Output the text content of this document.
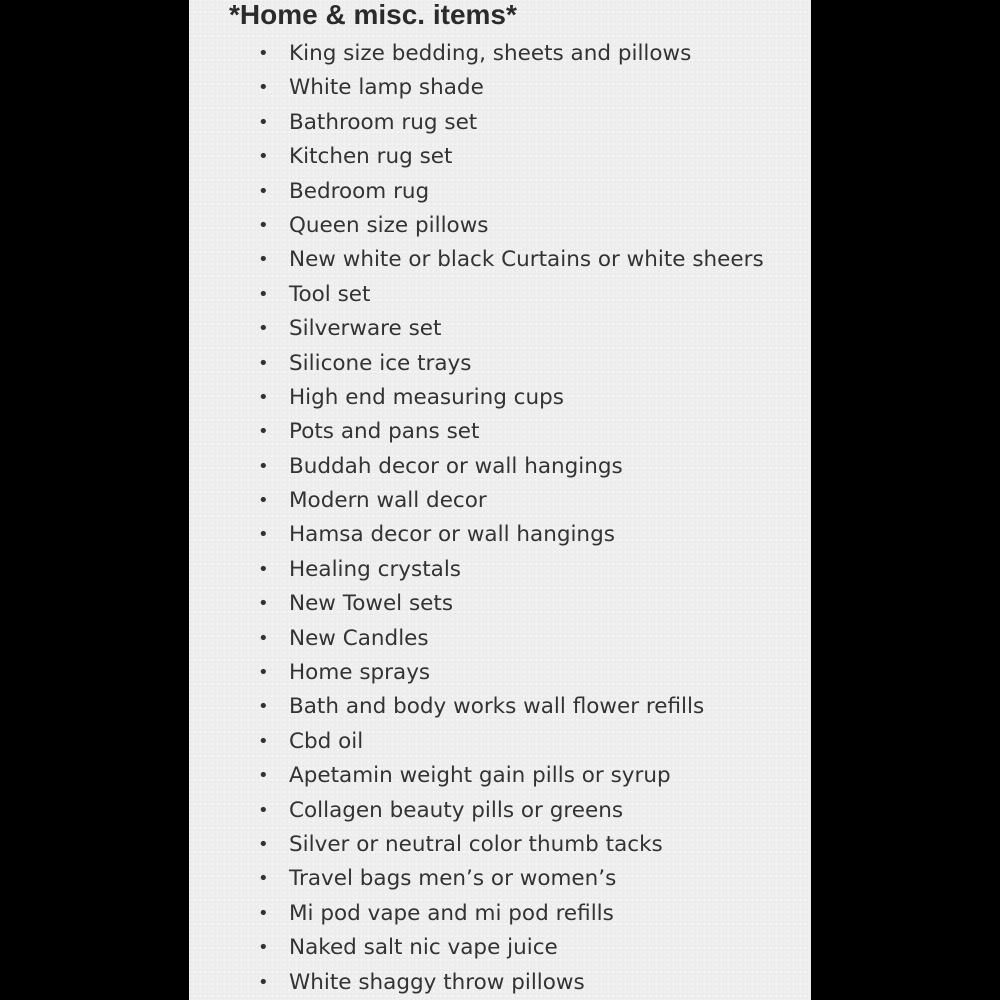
*Home & misc. items*
• King size bedding, sheets and pillows
• White lamp shade
• Bathroom rug set
• Kitchen rug set
• Bedroom rug
• Queen size pillows
• New white or black Curtains or white sheers
• Tool set
• Silverware set
• Silicone ice trays
• High end measuring cups
• Pots and pans set
• Buddah decor or wall hangings
• Modern wall decor
• Hamsa decor or wall hangings
• Healing crystals
• New Towel sets
• New Candles
• Home sprays
• Bath and body works wall flower refills
• Cbd oil
• Apetamin weight gain pills or syrup
• Collagen beauty pills or greens
• Silver or neutral color thumb tacks
• Travel bags men’s or women’s
• Mi pod vape and mi pod refills
• Naked salt nic vape juice
• White shaggy throw pillows
